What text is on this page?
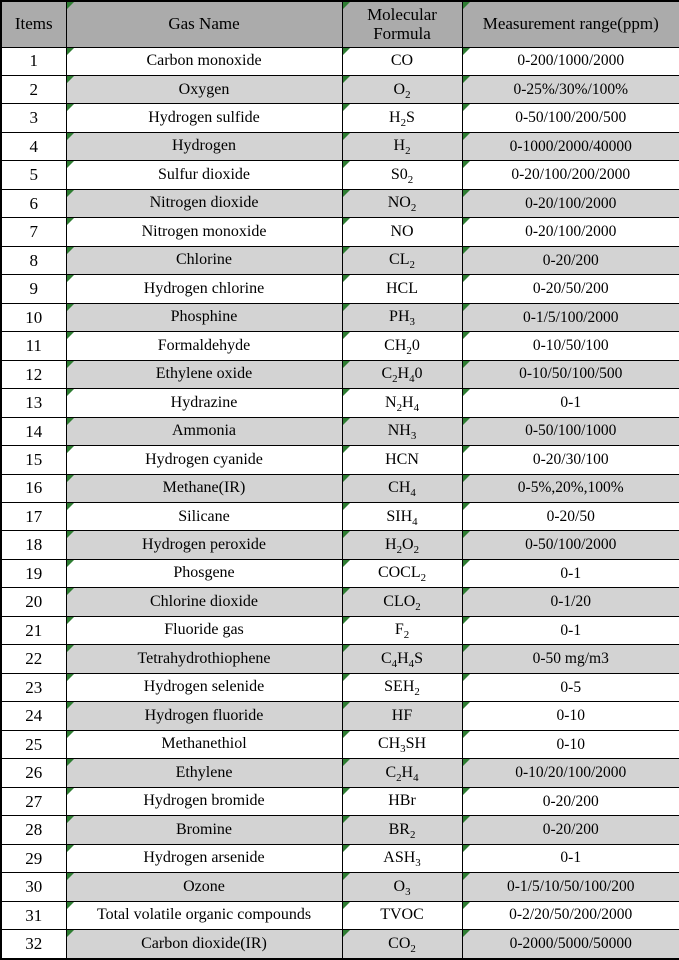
Items	Gas Name	Molecular Formula	Measurement range(ppm)
1	Carbon monoxide	CO	0-200/1000/2000
2	Oxygen	$O_2$	0-25%/30%/100%
3	Hydrogen sulfide	$H_2S$	0-50/100/200/500
4	Hydrogen	$H_2$	0-1000/2000/40000
5	Sulfur dioxide	$S0_2$	0-20/100/200/2000
6	Nitrogen dioxide	$NO_2$	0-20/100/2000
7	Nitrogen monoxide	NO	0-20/100/2000
8	Chlorine	$CL_2$	0-20/200
9	Hydrogen chlorine	HCL	0-20/50/200
10	Phosphine	$PH_3$	0-1/5/100/2000
11	Formaldehyde	$CH_20$	0-10/50/100
12	Ethylene oxide	$C_2H_40$	0-10/50/100/500
13	Hydrazine	$N_2H_4$	0-1
14	Ammonia	$NH_3$	0-50/100/1000
15	Hydrogen cyanide	HCN	0-20/30/100
16	Methane(IR)	$CH_4$	0-5%,20%,100%
17	Silicane	$SIH_4$	0-20/50
18	Hydrogen peroxide	$H_2O_2$	0-50/100/2000
19	Phosgene	$COCL_2$	0-1
20	Chlorine dioxide	$CLO_2$	0-1/20
21	Fluoride gas	$F_2$	0-1
22	Tetrahydrothiophene	$C_4H_4S$	0-50 mg/m3
23	Hydrogen selenide	$SEH_2$	0-5
24	Hydrogen fluoride	HF	0-10
25	Methanethiol	$CH_3SH$	0-10
26	Ethylene	$C_2H_4$	0-10/20/100/2000
27	Hydrogen bromide	HBr	0-20/200
28	Bromine	$BR_2$	0-20/200
29	Hydrogen arsenide	$ASH_3$	0-1
30	Ozone	$O_3$	0-1/5/10/50/100/200
31	Total volatile organic compounds	TVOC	0-2/20/50/200/2000
32	Carbon dioxide(IR)	$CO_2$	0-2000/5000/50000
